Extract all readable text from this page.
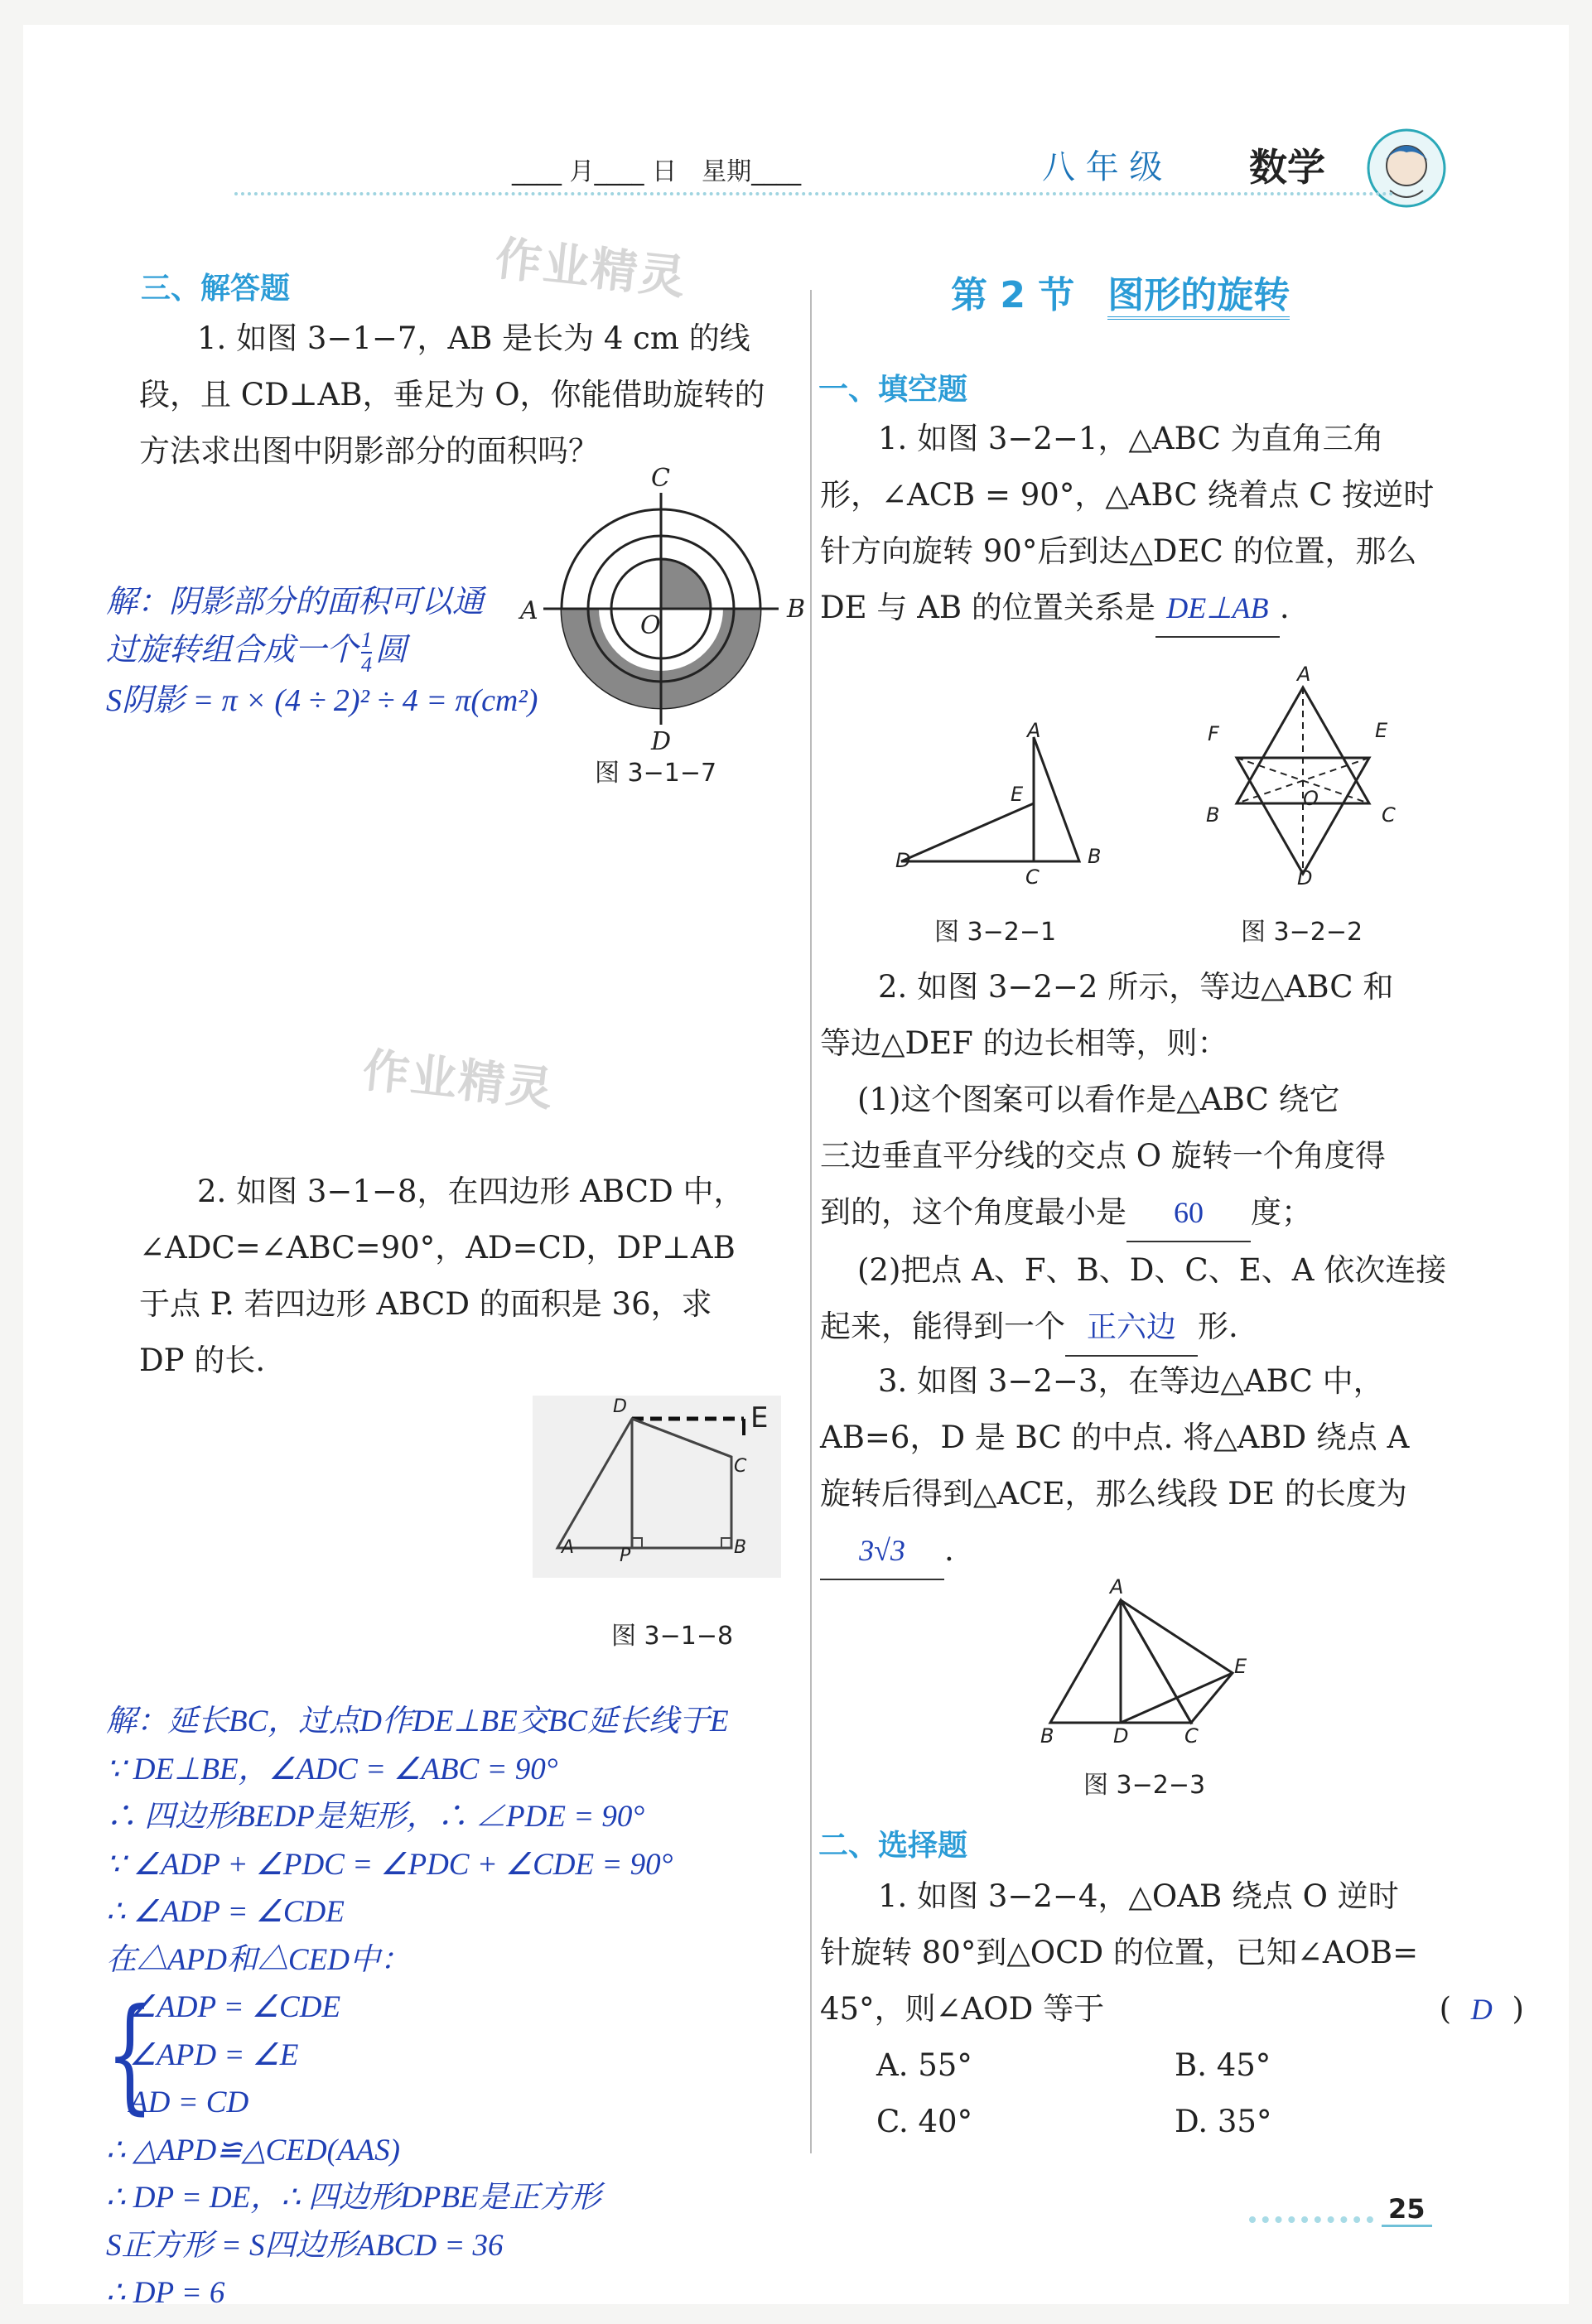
____ 月____ 日　星期____	八 年 级 数学
作业精灵
作业精灵
三、解答题
1. 如图 3−1−7，AB 是长为 4 cm 的线
段，且 CD⊥AB，垂足为 O，你能借助旋转的
方法求出图中阴影部分的面积吗？
C
A	B
O
D
图 3−1−7
解：阴影部分的面积可以通
过旋转组合成一个 $\frac{1}{4}$ 圆
S阴影 = π × (4 ÷ 2)² ÷ 4 = π(cm²)
2. 如图 3−1−8，在四边形 ABCD 中，
∠ADC=∠ABC=90°，AD=CD，DP⊥AB
于点 P. 若四边形 ABCD 的面积是 36，求
DP 的长.
D	E
C
A P	B
图 3−1−8
解：延长BC，过点D作DE⊥BE交BC延长线于E
∵ DE⊥BE，∠ADC = ∠ABC = 90°
∴ 四边形BEDP是矩形，∴ ∠PDE = 90°
∵ ∠ADP + ∠PDC = ∠PDC + ∠CDE = 90°
∴ ∠ADP = ∠CDE
在△APD和△CED中：
{
∠ADP = ∠CDE
∠APD = ∠E
AD = CD
∴ △APD≌△CED(AAS)
∴ DP = DE，∴ 四边形DPBE是正方形
S正方形 = S四边形ABCD = 36
∴ DP = 6
第 2 节 图形的旋转
一、填空题
1. 如图 3−2−1，△ABC 为直角三角
形，∠ACB = 90°，△ABC 绕着点 C 按逆时
针方向旋转 90°后到达△DEC 的位置，那么
DE 与 AB 的位置关系是 DE⊥AB .
A
E
D
C
B
图 3−2−1
A
F	E
B
O
C
D
图 3−2−2
2. 如图 3−2−2 所示，等边△ABC 和
等边△DEF 的边长相等，则：
(1)这个图案可以看作是△ABC 绕它
三边垂直平分线的交点 O 旋转一个角度得
到的，这个角度最小是 60 度；
(2)把点 A、F、B、D、C、E、A 依次连接
起来，能得到一个 正六边 形.
3. 如图 3−2−3，在等边△ABC 中，
AB=6，D 是 BC 的中点. 将△ABD 绕点 A
旋转后得到△ACE，那么线段 DE 的长度为
3√3 .
A
E
B	D	C
图 3−2−3
二、选择题
1. 如图 3−2−4，△OAB 绕点 O 逆时
针旋转 80°到△OCD 的位置，已知∠AOB=
45°，则∠AOD 等于	( D )
A. 55°	B. 45°
C. 40°	D. 35°
25
